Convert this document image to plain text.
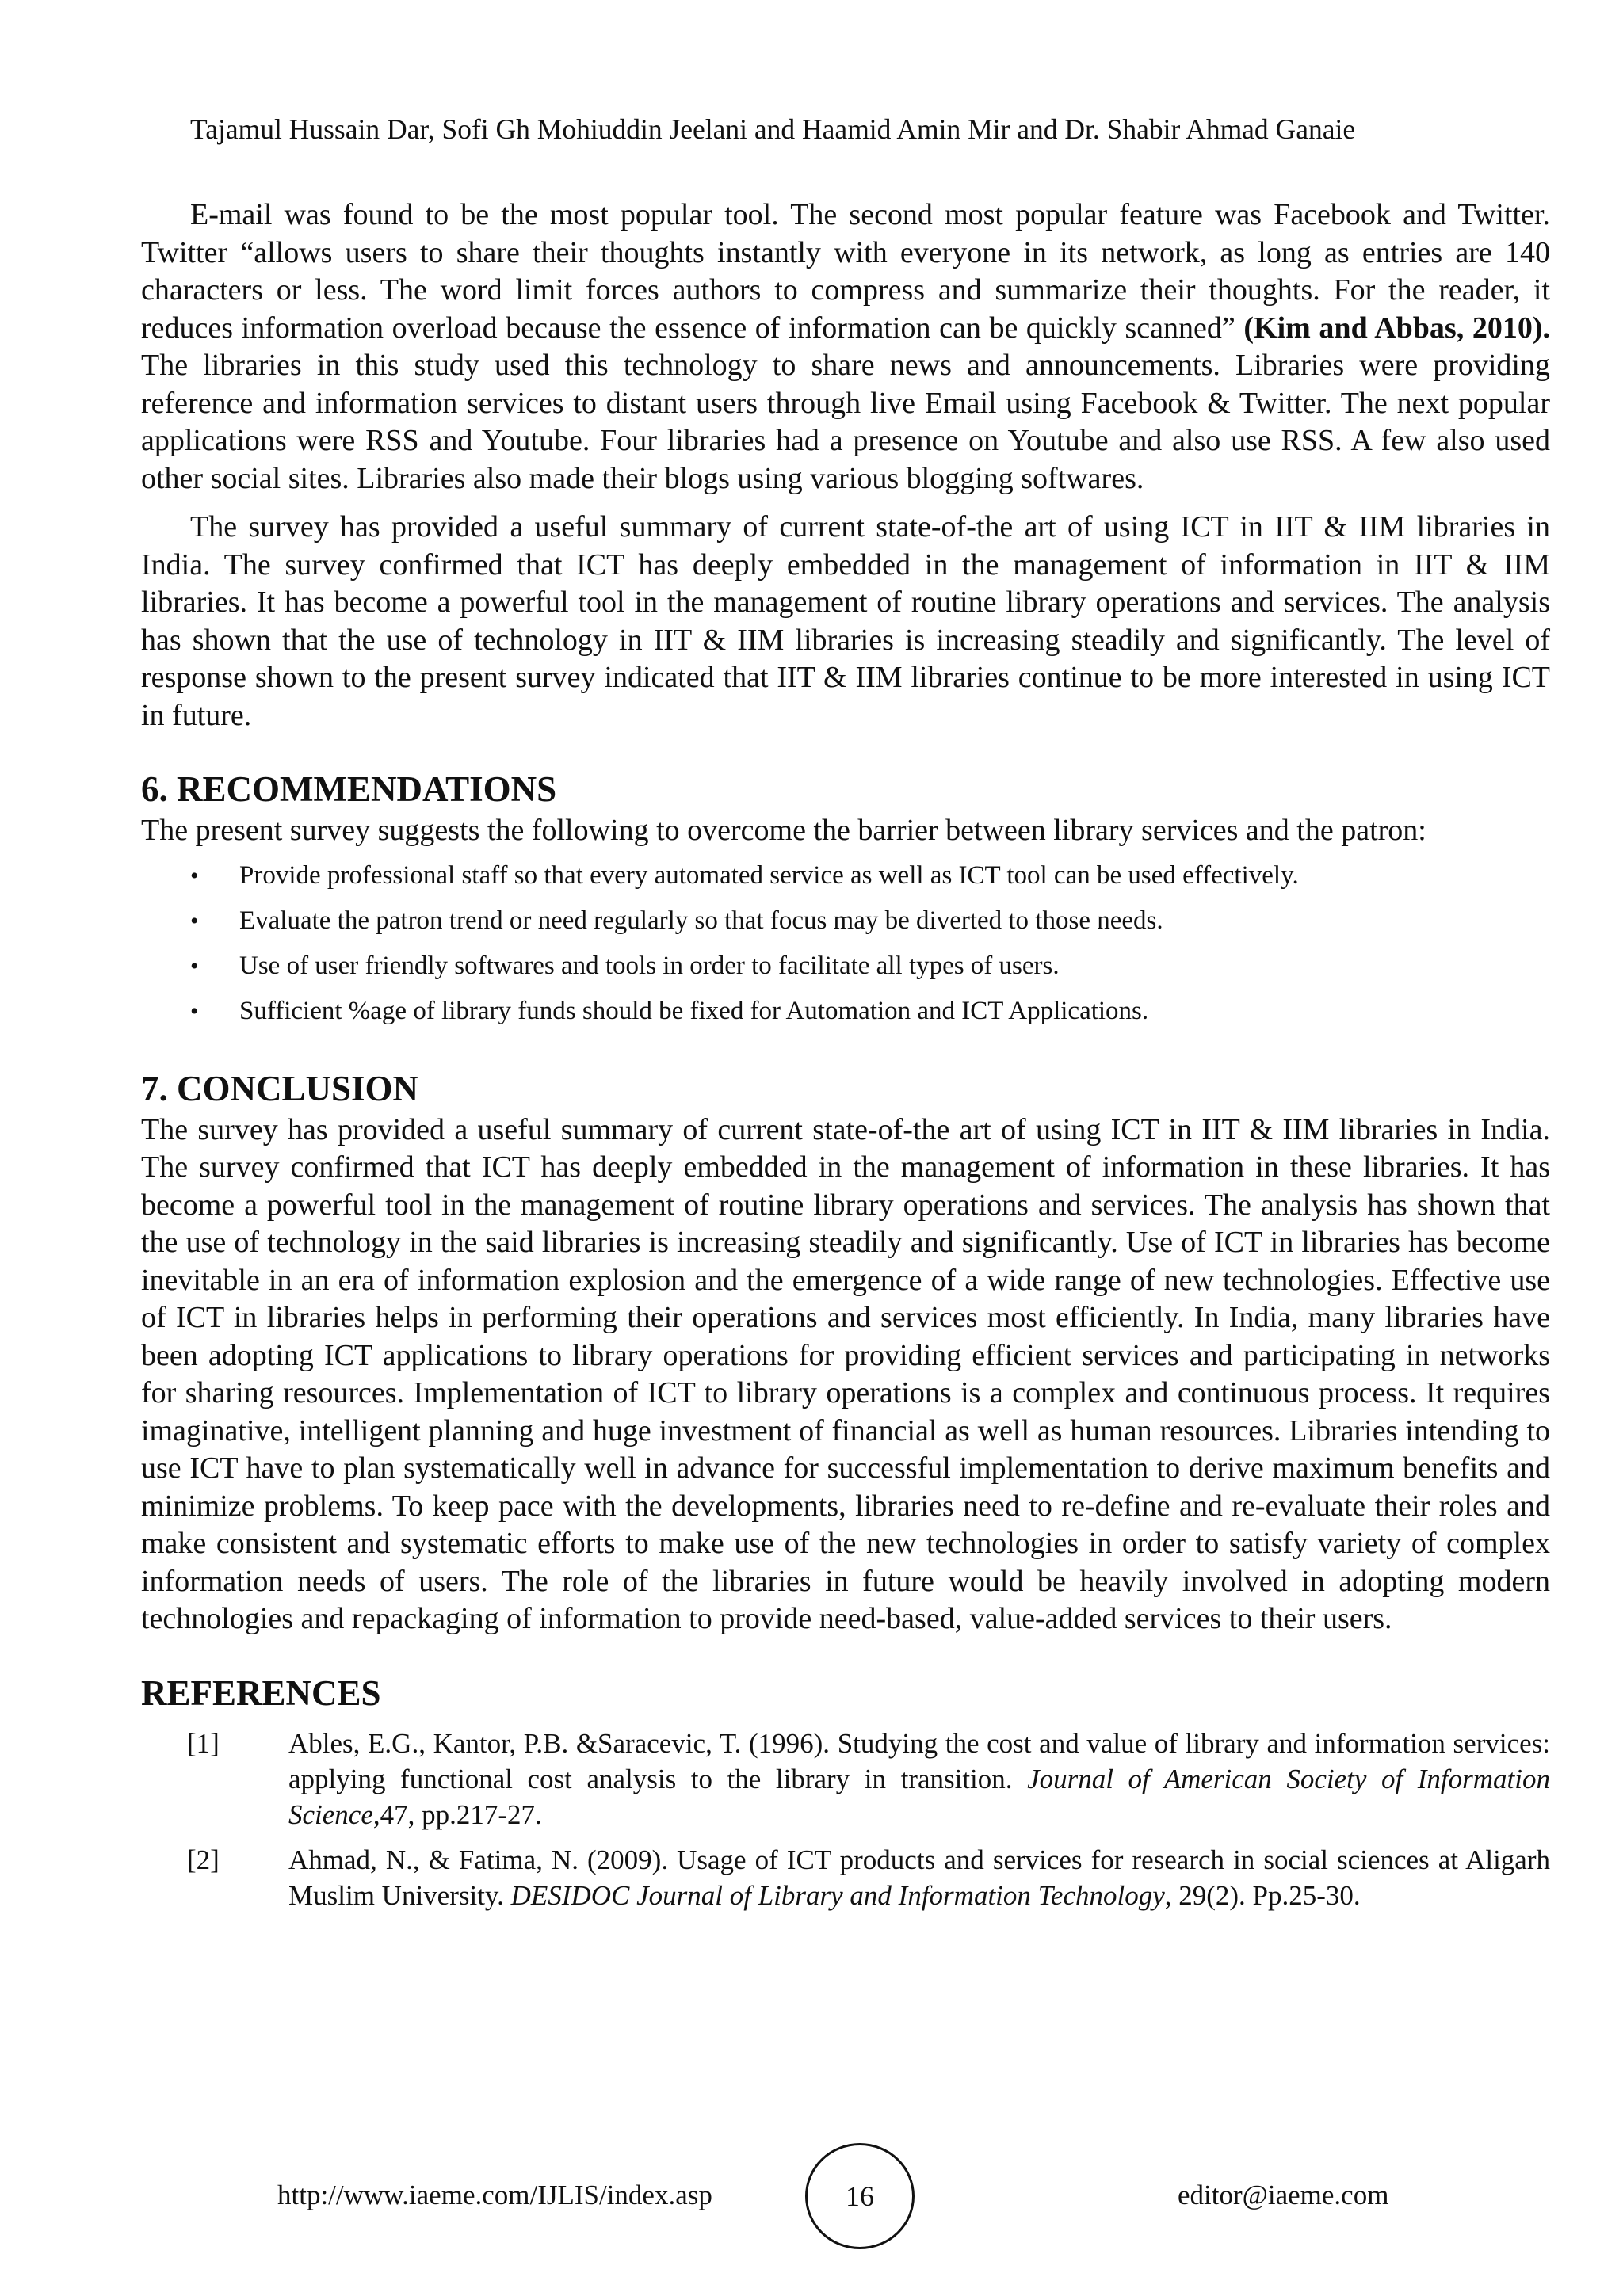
Tajamul Hussain Dar, Sofi Gh Mohiuddin Jeelani and Haamid Amin Mir and Dr. Shabir Ahmad Ganaie

E-mail was found to be the most popular tool. The second most popular feature was Facebook and Twitter. Twitter “allows users to share their thoughts instantly with everyone in its network, as long as entries are 140 characters or less. The word limit forces authors to compress and summarize their thoughts. For the reader, it reduces information overload because the essence of information can be quickly scanned” (Kim and Abbas, 2010). The libraries in this study used this technology to share news and announcements. Libraries were providing reference and information services to distant users through live Email using Facebook & Twitter. The next popular applications were RSS and Youtube. Four libraries had a presence on Youtube and also use RSS. A few also used other social sites. Libraries also made their blogs using various blogging softwares.

The survey has provided a useful summary of current state-of-the art of using ICT in IIT & IIM libraries in India. The survey confirmed that ICT has deeply embedded in the management of information in IIT & IIM libraries. It has become a powerful tool in the management of routine library operations and services. The analysis has shown that the use of technology in IIT & IIM libraries is increasing steadily and significantly. The level of response shown to the present survey indicated that IIT & IIM libraries continue to be more interested in using ICT in future.

6. RECOMMENDATIONS

The present survey suggests the following to overcome the barrier between library services and the patron:

• Provide professional staff so that every automated service as well as ICT tool can be used effectively.
• Evaluate the patron trend or need regularly so that focus may be diverted to those needs.
• Use of user friendly softwares and tools in order to facilitate all types of users.
• Sufficient %age of library funds should be fixed for Automation and ICT Applications.
7. CONCLUSION

The survey has provided a useful summary of current state-of-the art of using ICT in IIT & IIM libraries in India. The survey confirmed that ICT has deeply embedded in the management of information in these libraries. It has become a powerful tool in the management of routine library operations and services. The analysis has shown that the use of technology in the said libraries is increasing steadily and significantly. Use of ICT in libraries has become inevitable in an era of information explosion and the emergence of a wide range of new technologies. Effective use of ICT in libraries helps in performing their operations and services most efficiently. In India, many libraries have been adopting ICT applications to library operations for providing efficient services and participating in networks for sharing resources. Implementation of ICT to library operations is a complex and continuous process. It requires imaginative, intelligent planning and huge investment of financial as well as human resources. Libraries intending to use ICT have to plan systematically well in advance for successful implementation to derive maximum benefits and minimize problems. To keep pace with the developments, libraries need to re-define and re-evaluate their roles and make consistent and systematic efforts to make use of the new technologies in order to satisfy variety of complex information needs of users. The role of the libraries in future would be heavily involved in adopting modern technologies and repackaging of information to provide need-based, value-added services to their users.

REFERENCES
[1] Ables, E.G., Kantor, P.B. &Saracevic, T. (1996). Studying the cost and value of library and information services: applying functional cost analysis to the library in transition. Journal of American Society of Information Science,47, pp.217-27.

[2] Ahmad, N., & Fatima, N. (2009). Usage of ICT products and services for research in social sciences at Aligarh Muslim University. DESIDOC Journal of Library and Information Technology, 29(2). Pp.25-30.

http://www.iaeme.com/IJLIS/index.asp	16	editor@iaeme.com
